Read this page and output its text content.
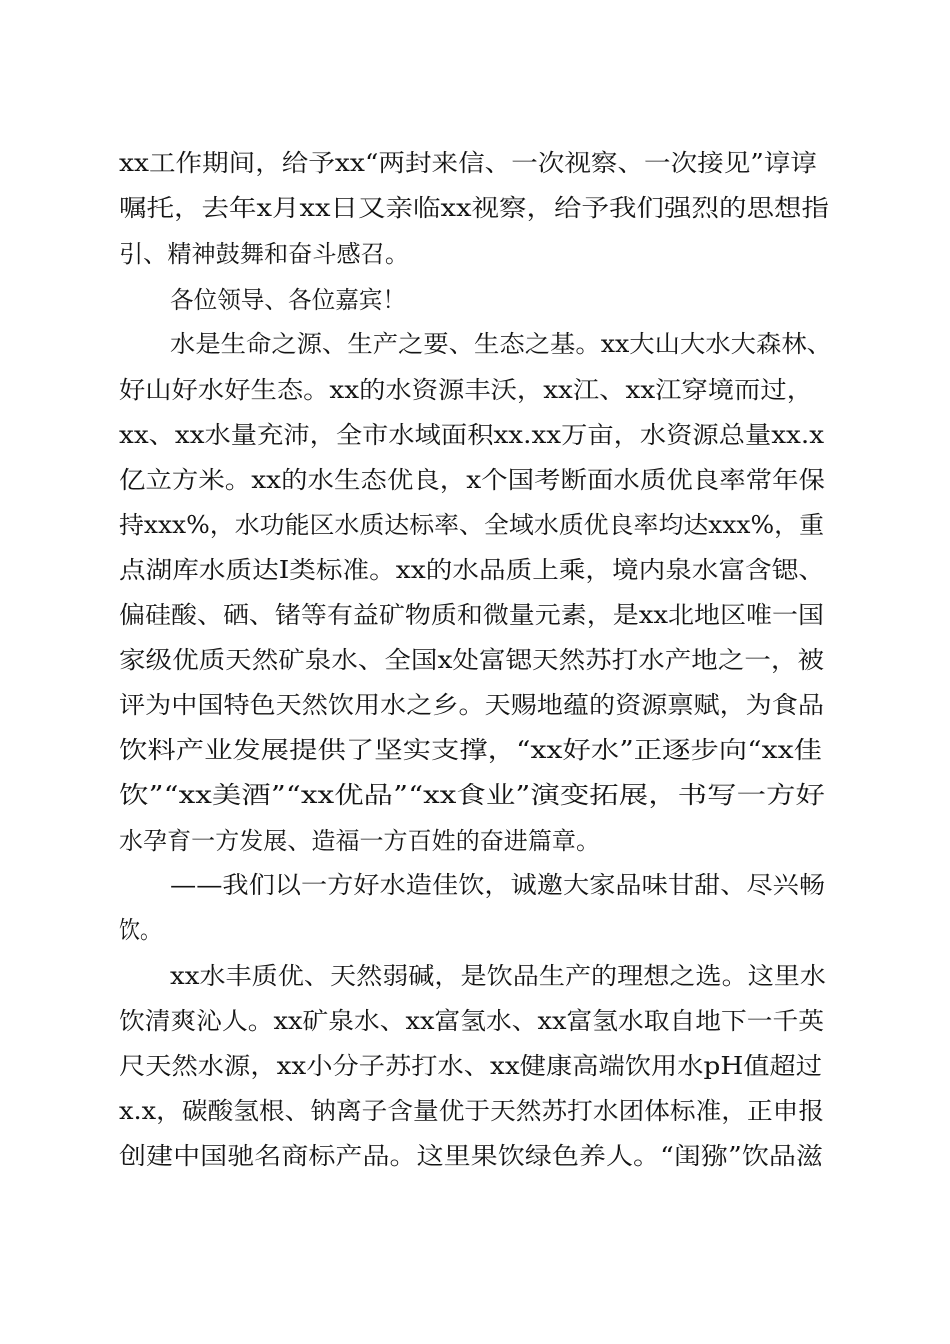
xx工作期间，给予xx“两封来信、一次视察、一次接见”谆谆
嘱托，去年x月xx日又亲临xx视察，给予我们强烈的思想指
引、精神鼓舞和奋斗感召。
各位领导、各位嘉宾！
水是生命之源、生产之要、生态之基。xx大山大水大森林、
好山好水好生态。xx的水资源丰沃，xx江、xx江穿境而过，
xx、xx水量充沛，全市水域面积xx.xx万亩，水资源总量xx.x
亿立方米。xx的水生态优良，x个国考断面水质优良率常年保
持xxx%，水功能区水质达标率、全域水质优良率均达xxx%，重
点湖库水质达Ⅰ类标准。xx的水品质上乘，境内泉水富含锶、
偏硅酸、硒、锗等有益矿物质和微量元素，是xx北地区唯一国
家级优质天然矿泉水、全国x处富锶天然苏打水产地之一，被
评为中国特色天然饮用水之乡。天赐地蕴的资源禀赋，为食品
饮料产业发展提供了坚实支撑，“xx好水”正逐步向“xx佳
饮”“xx美酒”“xx优品”“xx食业”演变拓展，书写一方好
水孕育一方发展、造福一方百姓的奋进篇章。
——我们以一方好水造佳饮，诚邀大家品味甘甜、尽兴畅
饮。
xx水丰质优、天然弱碱，是饮品生产的理想之选。这里水
饮清爽沁人。xx矿泉水、xx富氢水、xx富氢水取自地下一千英
尺天然水源，xx小分子苏打水、xx健康高端饮用水pH值超过
x.x，碳酸氢根、钠离子含量优于天然苏打水团体标准，正申报
创建中国驰名商标产品。这里果饮绿色养人。“闺猕”饮品滋
